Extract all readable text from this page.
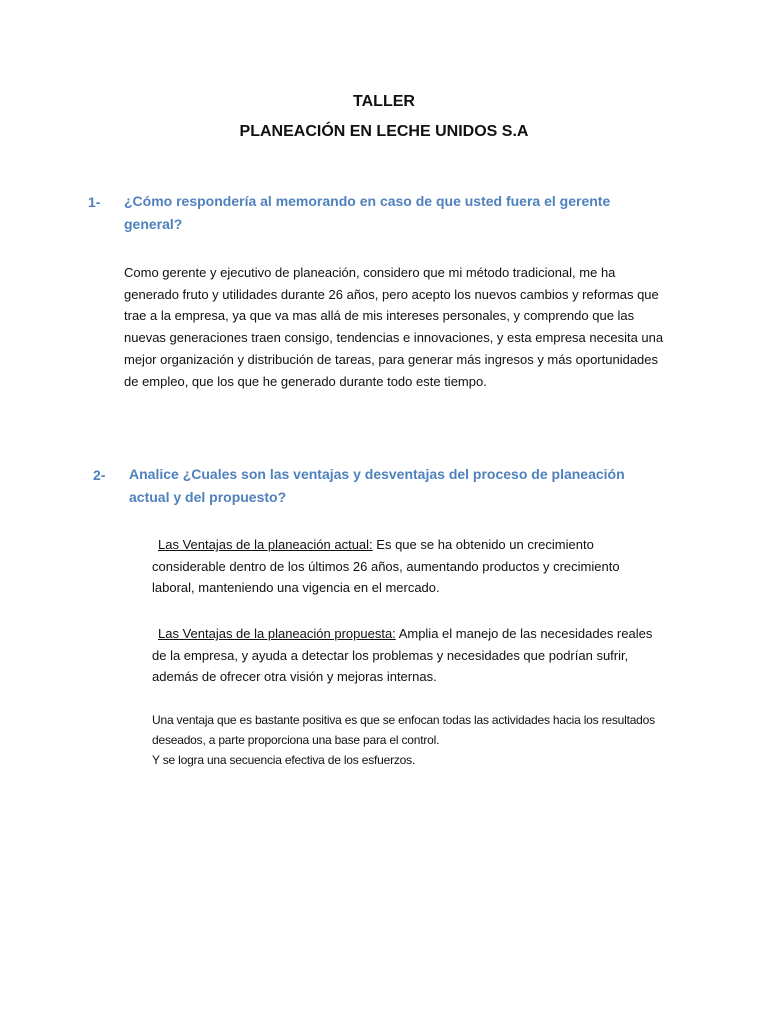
TALLER
PLANEACIÓN EN LECHE UNIDOS S.A
1- ¿Cómo respondería al memorando en caso de que usted fuera el gerente general?
Como gerente y ejecutivo de planeación, considero que mi método tradicional, me ha generado fruto y utilidades durante 26 años, pero acepto los nuevos cambios y reformas que trae a la empresa, ya que va mas allá de mis intereses personales, y comprendo que las nuevas generaciones traen consigo, tendencias e innovaciones, y esta empresa necesita una mejor organización y distribución de tareas, para generar más ingresos y más oportunidades de empleo, que los que he generado durante todo este tiempo.
2- Analice ¿Cuales son las ventajas y desventajas del proceso de planeación actual y del propuesto?
Las Ventajas de la planeación actual: Es que se ha obtenido un crecimiento considerable dentro de los últimos 26 años, aumentando productos y crecimiento laboral, manteniendo una vigencia en el mercado.
Las Ventajas de la planeación propuesta: Amplia el manejo de las necesidades reales de la empresa, y ayuda a detectar los problemas y necesidades que podrían sufrir, además de ofrecer otra visión y mejoras internas.
Una ventaja que es bastante positiva es que se enfocan todas las actividades hacia los resultados deseados, a parte proporciona una base para el control.
Y se logra una secuencia efectiva de los esfuerzos.
